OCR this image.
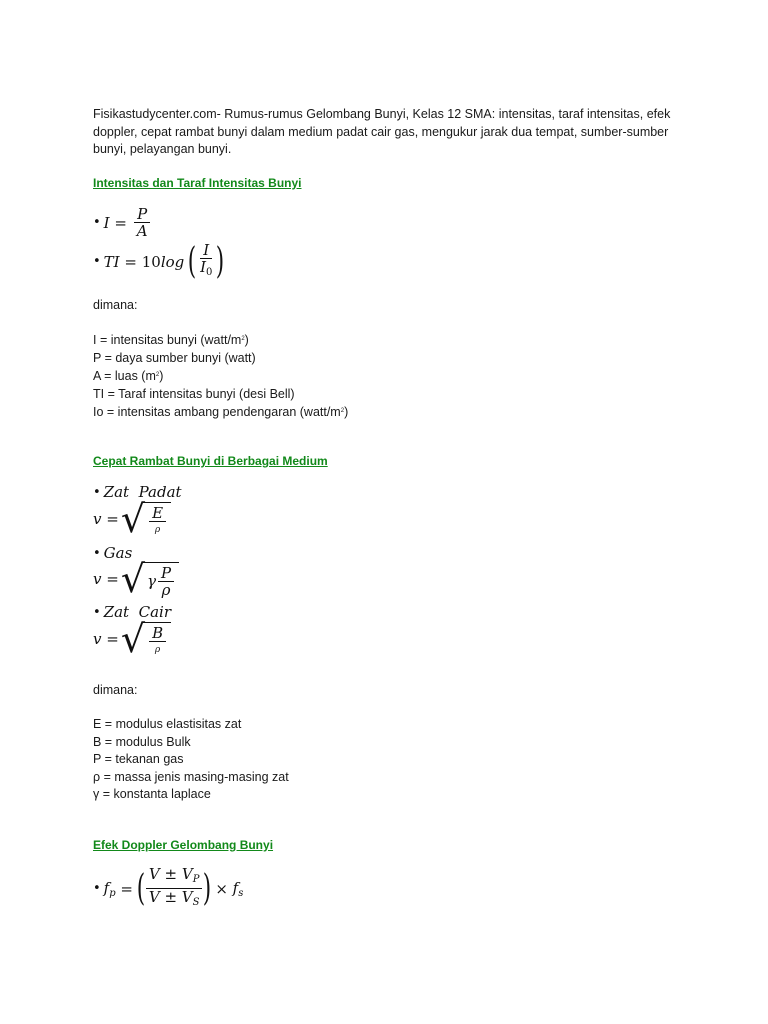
Fisikastudycenter.com- Rumus-rumus Gelombang Bunyi, Kelas 12 SMA: intensitas, taraf intensitas, efek doppler, cepat rambat bunyi dalam medium padat cair gas, mengukur jarak dua tempat, sumber-sumber bunyi, pelayangan bunyi.

Intensitas dan Taraf Intensitas Bunyi

• I
=
$\frac{P}{A}$
• TI
=
10 log
( $\frac{I}{I_0}$ )
dimana:
I = intensitas bunyi $(watt/m^2)$
P = daya sumber bunyi (watt)
A = luas $(m^2)$
TI = Taraf intensitas bunyi (desi Bell)
Io = intensitas ambang pendengaran $(watt/m^2)$

Cepat Rambat Bunyi di Berbagai Medium

• Zat  Padat
v
= √ $\frac{E}{\rho}$
• Gas
v
= √ γ $\frac{P}{\rho}$
• Zat  Cair
v
= √ $\frac{B}{\rho}$
dimana:
E = modulus elastisitas zat
B = modulus Bulk
P = tekanan gas
ρ = massa jenis masing-masing zat
γ = konstanta laplace

Efek Doppler Gelombang Bunyi

• $f_p$
=
( $\frac{V \pm V_P}{V \pm V_S}$ )
×
$f_s$
